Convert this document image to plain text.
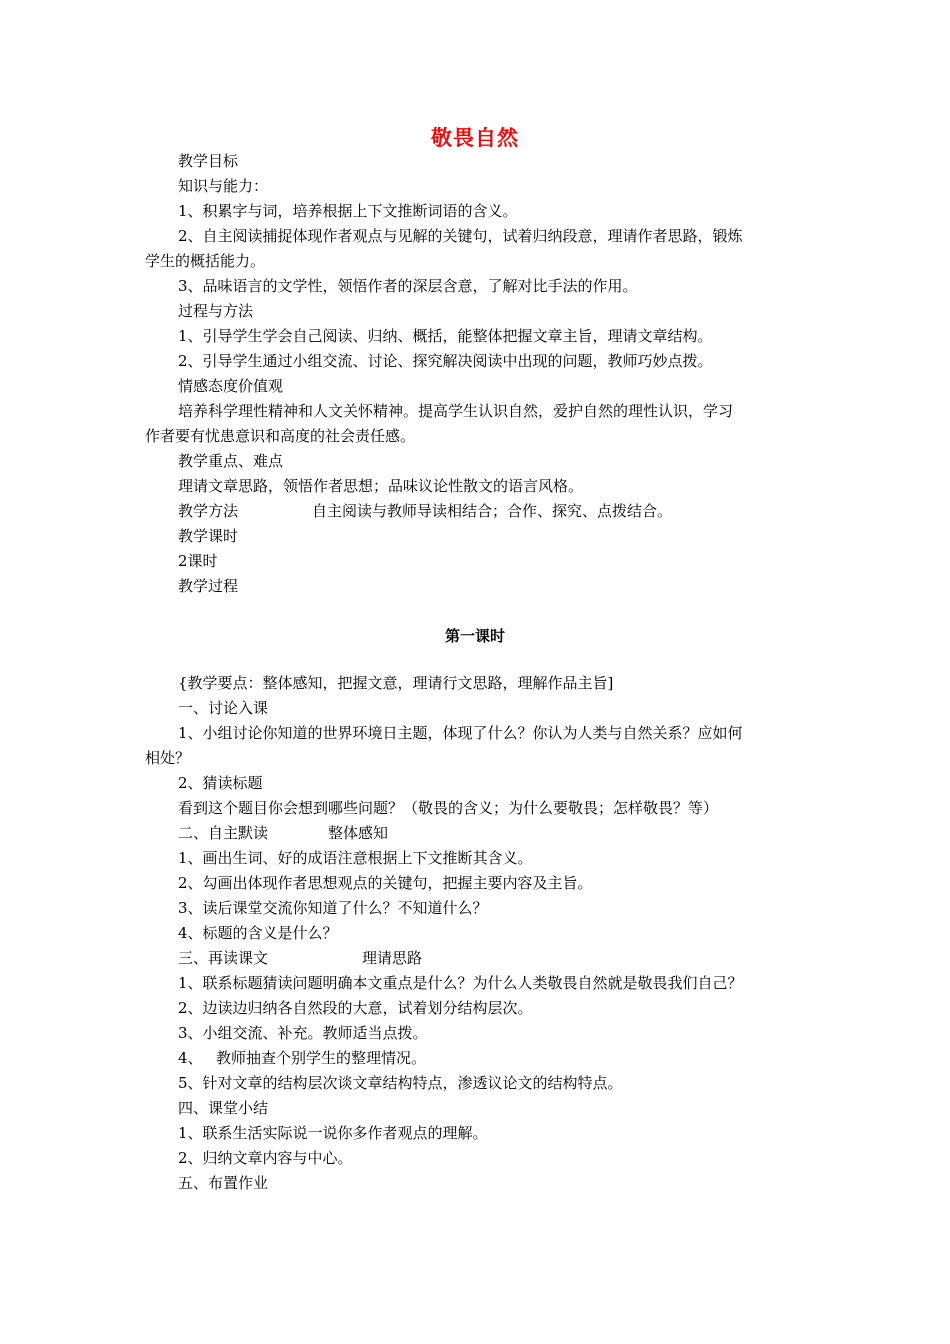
敬畏自然
教学目标
知识与能力：
1、积累字与词，培养根据上下文推断词语的含义。
2、自主阅读捕捉体现作者观点与见解的关键句，试着归纳段意，理请作者思路，锻炼
学生的概括能力。
3、品味语言的文学性，领悟作者的深层含意，了解对比手法的作用。
过程与方法
1、引导学生学会自己阅读、归纳、概括，能整体把握文章主旨，理请文章结构。
2、引导学生通过小组交流、讨论、探究解决阅读中出现的问题，教师巧妙点拨。
情感态度价值观
培养科学理性精神和人文关怀精神。提高学生认识自然，爱护自然的理性认识，学习
作者要有忧患意识和高度的社会责任感。
教学重点、难点
理请文章思路，领悟作者思想；品味议论性散文的语言风格。
教学方法	自主阅读与教师导读相结合；合作、探究、点拨结合。
教学课时
2课时
教学过程
第一课时
{教学要点：整体感知，把握文意，理请行文思路，理解作品主旨]
一、讨论入课
1、小组讨论你知道的世界环境日主题，体现了什么？你认为人类与自然关系？应如何
相处？
2、猜读标题
看到这个题目你会想到哪些问题？（敬畏的含义；为什么要敬畏；怎样敬畏？等）
二、自主默读	整体感知
1、画出生词、好的成语注意根据上下文推断其含义。
2、勾画出体现作者思想观点的关键句，把握主要内容及主旨。
3、读后课堂交流你知道了什么？不知道什么？
4、标题的含义是什么？
三、再读课文	理请思路
1、联系标题猜读问题明确本文重点是什么？为什么人类敬畏自然就是敬畏我们自己？
2、边读边归纳各自然段的大意，试着划分结构层次。
3、小组交流、补充。教师适当点拨。
4、 教师抽查个别学生的整理情况。
5、针对文章的结构层次谈文章结构特点，渗透议论文的结构特点。
四、课堂小结
1、联系生活实际说一说你多作者观点的理解。
2、归纳文章内容与中心。
五、布置作业
